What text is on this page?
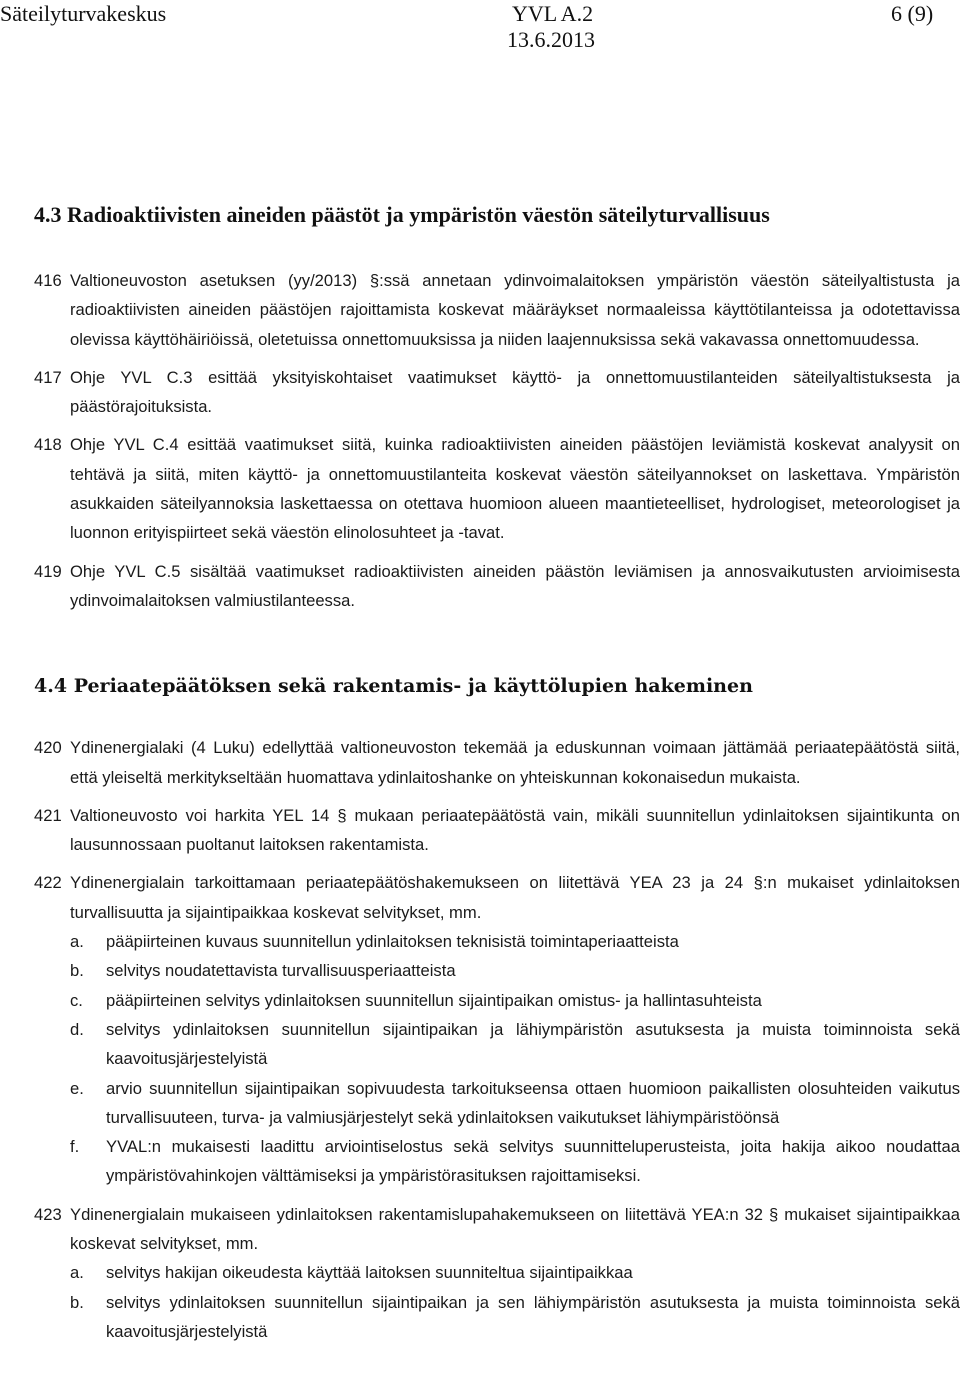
Säteilyturvakeskus	YVL A.2
13.6.2013
6 (9)
4.3 Radioaktiivisten aineiden päästöt ja ympäristön väestön säteilyturvallisuus
416 Valtioneuvoston asetuksen (yy/2013) §:ssä annetaan ydinvoimalaitoksen ympäristön väestön säteilyaltistusta ja radioaktiivisten aineiden päästöjen rajoittamista koskevat määräykset normaaleissa käyttötilanteissa ja odotettavissa olevissa käyttöhäiriöissä, oletetuissa onnettomuuksissa ja niiden laajennuksissa sekä vakavassa onnettomuudessa.
417 Ohje YVL C.3 esittää yksityiskohtaiset vaatimukset käyttö- ja onnettomuustilanteiden säteilyaltistuksesta ja päästörajoituksista.
418 Ohje YVL C.4 esittää vaatimukset siitä, kuinka radioaktiivisten aineiden päästöjen leviämistä koskevat analyysit on tehtävä ja siitä, miten käyttö- ja onnettomuustilanteita koskevat väestön säteilyannokset on laskettava. Ympäristön asukkaiden säteilyannoksia laskettaessa on otettava huomioon alueen maantieteelliset, hydrologiset, meteorologiset ja luonnon erityispiirteet sekä väestön elinolosuhteet ja -tavat.
419 Ohje YVL C.5 sisältää vaatimukset radioaktiivisten aineiden päästön leviämisen ja annosvaikutusten arvioimisesta ydinvoimalaitoksen valmiustilanteessa.
4.4 Periaatepäätöksen sekä rakentamis- ja käyttölupien hakeminen
420 Ydinenergialaki (4 Luku) edellyttää valtioneuvoston tekemää ja eduskunnan voimaan jättämää periaatepäätöstä siitä, että yleiseltä merkitykseltään huomattava ydinlaitoshanke on yhteiskunnan kokonaisedun mukaista.
421 Valtioneuvosto voi harkita YEL 14 § mukaan periaatepäätöstä vain, mikäli suunnitellun ydinlaitoksen sijaintikunta on lausunnossaan puoltanut laitoksen rakentamista.
422 Ydinenergialain tarkoittamaan periaatepäätöshakemukseen on liitettävä YEA 23 ja 24 §:n mukaiset ydinlaitoksen turvallisuutta ja sijaintipaikkaa koskevat selvitykset, mm.
a.	pääpiirteinen kuvaus suunnitellun ydinlaitoksen teknisistä toimintaperiaatteista
b.	selvitys noudatettavista turvallisuusperiaatteista
c.	pääpiirteinen selvitys ydinlaitoksen suunnitellun sijaintipaikan omistus- ja hallintasuhteista
d.	selvitys ydinlaitoksen suunnitellun sijaintipaikan ja lähiympäristön asutuksesta ja muista toiminnoista sekä kaavoitusjärjestelyistä
e.	arvio suunnitellun sijaintipaikan sopivuudesta tarkoitukseensa ottaen huomioon paikallisten olosuhteiden vaikutus turvallisuuteen, turva- ja valmiusjärjestelyt sekä ydinlaitoksen vaikutukset lähiympäristöönsä
f.	YVAL:n mukaisesti laadittu arviointiselostus sekä selvitys suunnitteluperusteista, joita hakija aikoo noudattaa ympäristövahinkojen välttämiseksi ja ympäristörasituksen rajoittamiseksi.
423 Ydinenergialain mukaiseen ydinlaitoksen rakentamislupahakemukseen on liitettävä YEA:n 32 § mukaiset sijaintipaikkaa koskevat selvitykset, mm.
a.	selvitys hakijan oikeudesta käyttää laitoksen suunniteltua sijaintipaikkaa
b.	selvitys ydinlaitoksen suunnitellun sijaintipaikan ja sen lähiympäristön asutuksesta ja muista toiminnoista sekä kaavoitusjärjestelyistä
